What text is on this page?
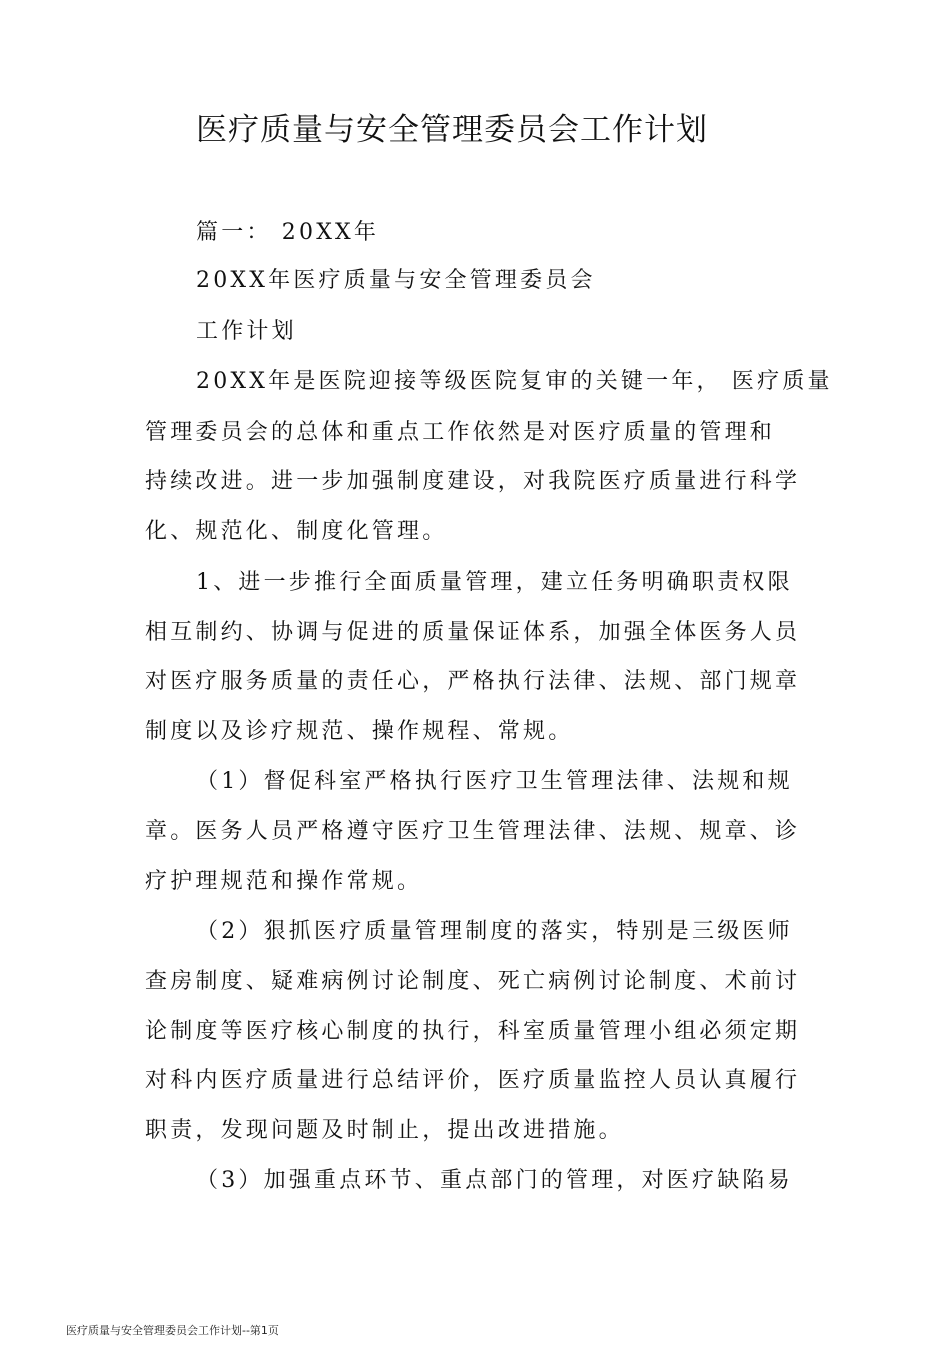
医疗质量与安全管理委员会工作计划
篇一： 20XX年
20XX年医疗质量与安全管理委员会
工作计划
20XX年是医院迎接等级医院复审的关键一年， 医疗质量
管理委员会的总体和重点工作依然是对医疗质量的管理和
持续改进。进一步加强制度建设，对我院医疗质量进行科学
化、规范化、制度化管理。
1、进一步推行全面质量管理，建立任务明确职责权限
相互制约、协调与促进的质量保证体系，加强全体医务人员
对医疗服务质量的责任心，严格执行法律、法规、部门规章
制度以及诊疗规范、操作规程、常规。
（1）督促科室严格执行医疗卫生管理法律、法规和规
章。医务人员严格遵守医疗卫生管理法律、法规、规章、诊
疗护理规范和操作常规。
（2）狠抓医疗质量管理制度的落实，特别是三级医师
查房制度、疑难病例讨论制度、死亡病例讨论制度、术前讨
论制度等医疗核心制度的执行，科室质量管理小组必须定期
对科内医疗质量进行总结评价，医疗质量监控人员认真履行
职责，发现问题及时制止，提出改进措施。
（3）加强重点环节、重点部门的管理，对医疗缺陷易
医疗质量与安全管理委员会工作计划--第1页
